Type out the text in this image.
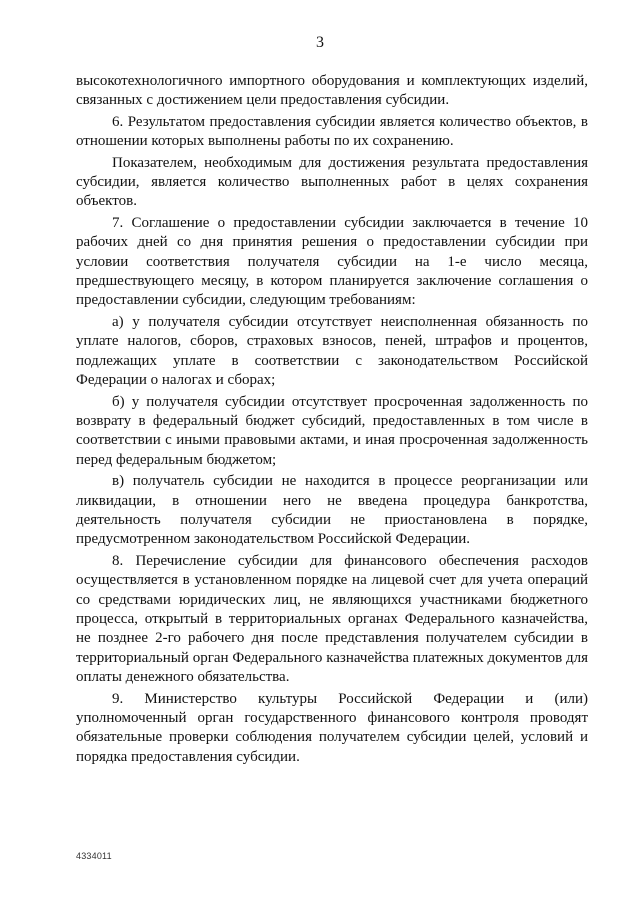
3

высокотехнологичного импортного оборудования и комплектующих изделий, связанных с достижением цели предоставления субсидии.

6. Результатом предоставления субсидии является количество объектов, в отношении которых выполнены работы по их сохранению.

Показателем, необходимым для достижения результата предоставления субсидии, является количество выполненных работ в целях сохранения объектов.

7. Соглашение о предоставлении субсидии заключается в течение 10 рабочих дней со дня принятия решения о предоставлении субсидии при условии соответствия получателя субсидии на 1-е число месяца, предшествующего месяцу, в котором планируется заключение соглашения о предоставлении субсидии, следующим требованиям:

а) у получателя субсидии отсутствует неисполненная обязанность по уплате налогов, сборов, страховых взносов, пеней, штрафов и процентов, подлежащих уплате в соответствии с законодательством Российской Федерации о налогах и сборах;

б) у получателя субсидии отсутствует просроченная задолженность по возврату в федеральный бюджет субсидий, предоставленных в том числе в соответствии с иными правовыми актами, и иная просроченная задолженность перед федеральным бюджетом;

в) получатель субсидии не находится в процессе реорганизации или ликвидации, в отношении него не введена процедура банкротства, деятельность получателя субсидии не приостановлена в порядке, предусмотренном законодательством Российской Федерации.

8. Перечисление субсидии для финансового обеспечения расходов осуществляется в установленном порядке на лицевой счет для учета операций со средствами юридических лиц, не являющихся участниками бюджетного процесса, открытый в территориальных органах Федерального казначейства, не позднее 2-го рабочего дня после представления получателем субсидии в территориальный орган Федерального казначейства платежных документов для оплаты денежного обязательства.

9. Министерство культуры Российской Федерации и (или) уполномоченный орган государственного финансового контроля проводят обязательные проверки соблюдения получателем субсидии целей, условий и порядка предоставления субсидии.

4334011
